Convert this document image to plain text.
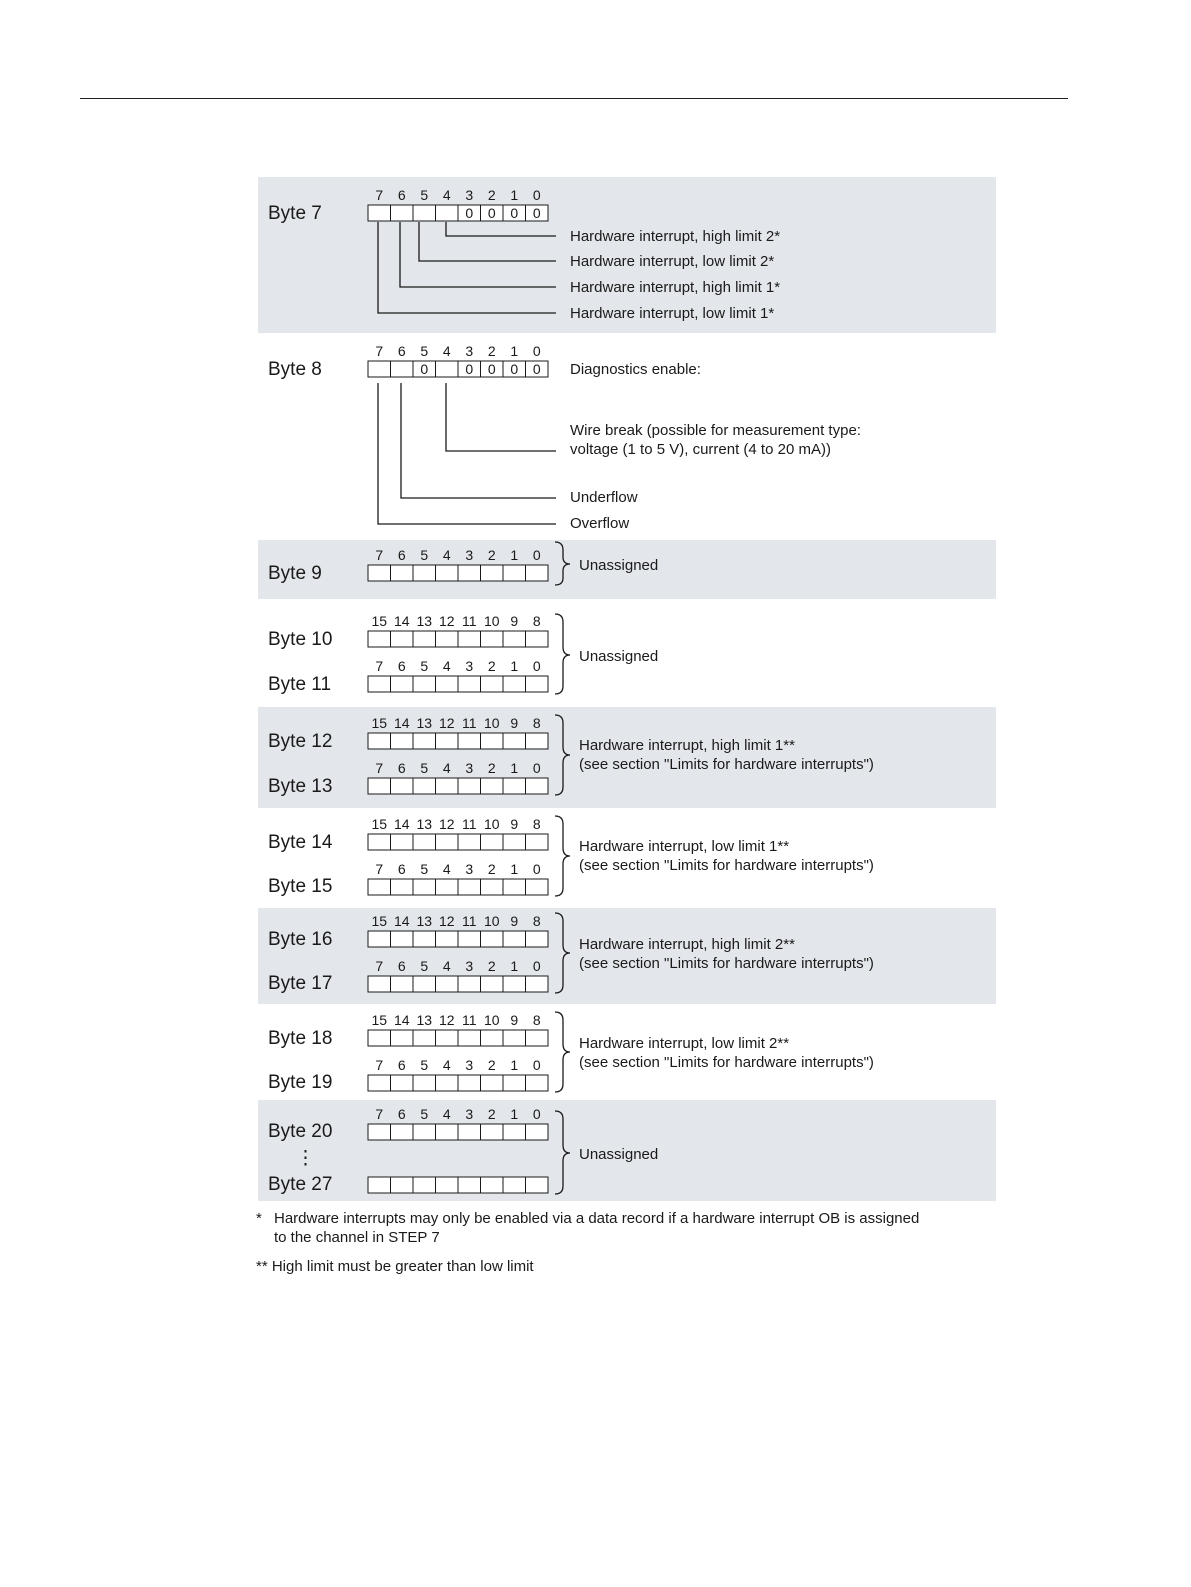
Byte 7
7 6 5 4 3 2 1 0
0 0 0 0
Hardware interrupt, high limit 2*
Hardware interrupt, low limit 2*
Hardware interrupt, high limit 1*
Hardware interrupt, low limit 1*
Byte 8
7 6 5 4 3 2 1 0
0	0 0 0 0 Diagnostics enable:
Wire break (possible for measurement type:
voltage (1 to 5 V), current (4 to 20 mA))
Underflow
Overflow
Byte 9
7 6 5 4 3 2 1 0
Unassigned
Byte 10
Byte 11
15 14 13 12 11 10 9 8
7 6 5 4 3 2 1 0
Unassigned
Byte 12
Byte 13
15 14 13 12 11 10 9 8
7 6 5 4 3 2 1 0
Hardware interrupt, high limit 1**
(see section "Limits for hardware interrupts")
Byte 14
Byte 15
15 14 13 12 11 10 9 8
7 6 5 4 3 2 1 0
Hardware interrupt, low limit 1**
(see section "Limits for hardware interrupts")
Byte 16
Byte 17
15 14 13 12 11 10 9 8
7 6 5 4 3 2 1 0
Hardware interrupt, high limit 2**
(see section "Limits for hardware interrupts")
Byte 18
Byte 19
15 14 13 12 11 10 9 8
7 6 5 4 3 2 1 0
Hardware interrupt, low limit 2**
(see section "Limits for hardware interrupts")
Byte 20
⋮
Byte 27
7 6 5 4 3 2 1 0
Unassigned
* Hardware interrupts may only be enabled via a data record if a hardware interrupt OB is assigned
to the channel in STEP 7
** High limit must be greater than low limit
